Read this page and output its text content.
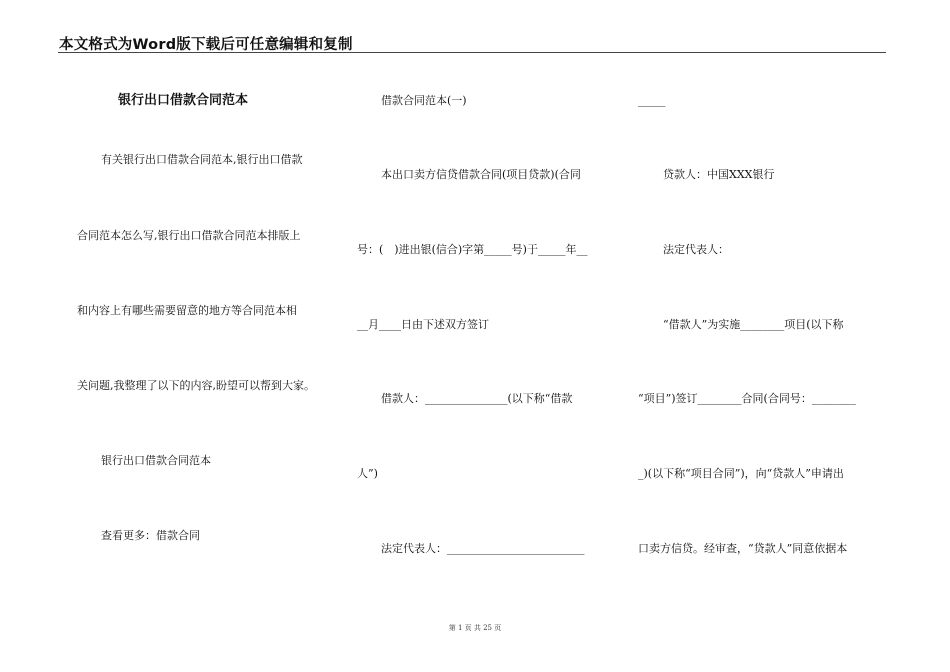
本文格式为Word版下载后可任意编辑和复制
银行出口借款合同范本
有关银行出口借款合同范本,银行出口借款
合同范本怎么写,银行出口借款合同范本排版上
和内容上有哪些需要留意的地方等合同范本相
关问题,我整理了以下的内容,盼望可以帮到大家。
银行出口借款合同范本
查看更多：借款合同
借款合同范本(一)
本出口卖方信贷借款合同(项目贷款)(合同
号：(　)进出银(信合)字第_____号)于_____年__
__月____日由下述双方签订
借款人：_______________(以下称“借款
人”)
法定代表人：_________________________
_____
贷款人：中国XXX银行
法定代表人：
“借款人”为实施________项目(以下称
“项目”)签订________合同(合同号：________
_)(以下称“项目合同”)，向“贷款人”申请出
口卖方信贷。经审查，“贷款人”同意依据本
第 1 页 共 25 页
